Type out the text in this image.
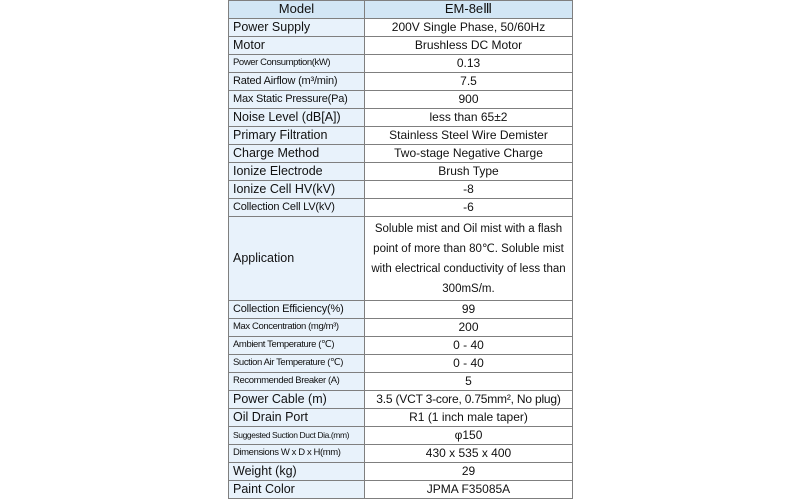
Model	EM-8eⅢ
Power Supply	200V Single Phase, 50/60Hz
Motor	Brushless DC Motor
Power Consumption(kW)	0.13
Rated Airflow (m³/min)	7.5
Max Static Pressure(Pa)	900
Noise Level (dB[A])	less than 65±2
Primary Filtration	Stainless Steel Wire Demister
Charge Method	Two-stage Negative Charge
Ionize Electrode	Brush Type
Ionize Cell HV(kV)	-8
Collection Cell LV(kV)	-6
Application	Soluble mist and Oil mist with a flash point of more than 80℃. Soluble mist with electrical conductivity of less than 300mS/m.
Collection Efficiency(%)	99
Max Concentration (mg/m³)	200
Ambient Temperature (℃)	0 - 40
Suction Air Temperature (℃)	0 - 40
Recommended Breaker (A)	5
Power Cable (m)	3.5 (VCT 3-core, 0.75mm², No plug)
Oil Drain Port	R1 (1 inch male taper)
Suggested Suction Duct Dia.(mm)	φ150
Dimensions W x D x H(mm)	430 x 535 x 400
Weight (kg)	29
Paint Color	JPMA F35085A
